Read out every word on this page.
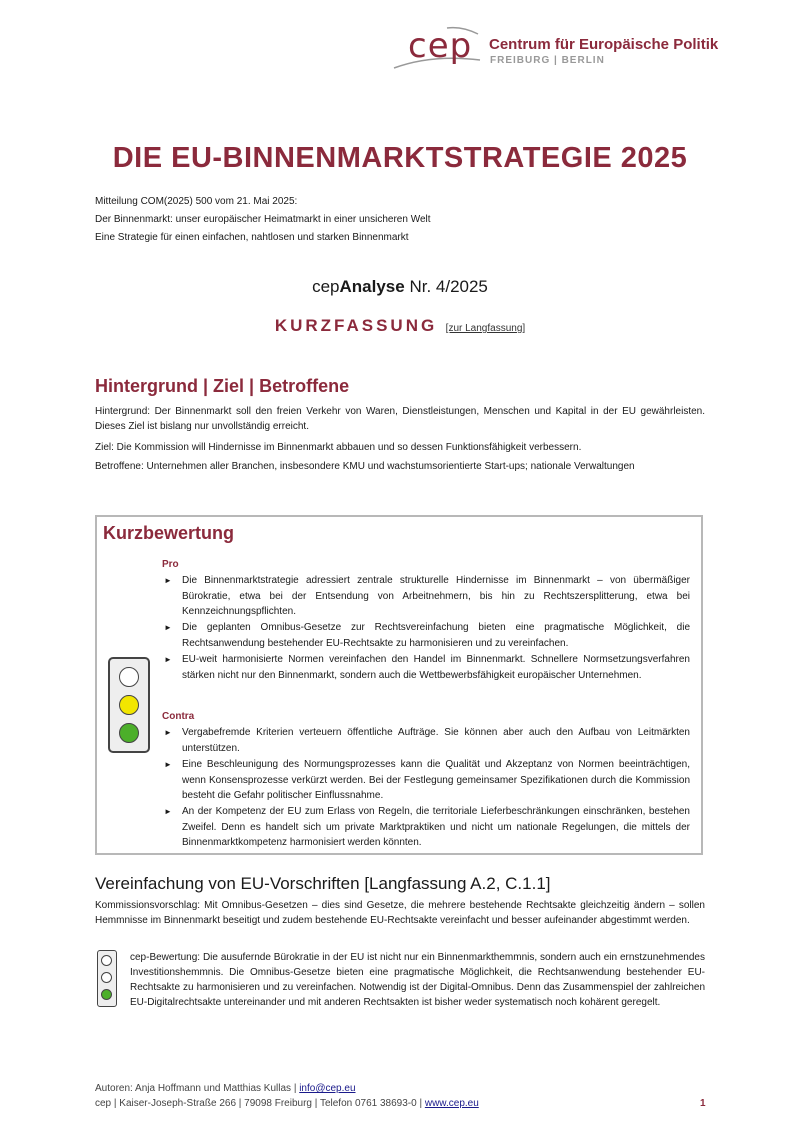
cep Centrum für Europäische Politik
FREIBURG | BERLIN
DIE EU-BINNENMARKTSTRATEGIE 2025
Mitteilung COM(2025) 500 vom 21. Mai 2025:
Der Binnenmarkt: unser europäischer Heimatmarkt in einer unsicheren Welt
Eine Strategie für einen einfachen, nahtlosen und starken Binnenmarkt
cepAnalyse Nr. 4/2025
KURZFASSUNG [zur Langfassung]
Hintergrund | Ziel | Betroffene
Hintergrund: Der Binnenmarkt soll den freien Verkehr von Waren, Dienstleistungen, Menschen und Kapital in der EU gewährleisten. Dieses Ziel ist bislang nur unvollständig erreicht.
Ziel: Die Kommission will Hindernisse im Binnenmarkt abbauen und so dessen Funktionsfähigkeit verbessern.
Betroffene: Unternehmen aller Branchen, insbesondere KMU und wachstumsorientierte Start-ups; nationale Verwaltungen
Kurzbewertung
Pro
► Die Binnenmarktstrategie adressiert zentrale strukturelle Hindernisse im Binnenmarkt – von übermäßiger Bürokratie, etwa bei der Entsendung von Arbeitnehmern, bis hin zu Rechtszersplitterung, etwa bei Kennzeichnungspflichten.
► Die geplanten Omnibus-Gesetze zur Rechtsvereinfachung bieten eine pragmatische Möglichkeit, die Rechtsanwendung bestehender EU-Rechtsakte zu harmonisieren und zu vereinfachen.
► EU-weit harmonisierte Normen vereinfachen den Handel im Binnenmarkt. Schnellere Normsetzungsverfahren stärken nicht nur den Binnenmarkt, sondern auch die Wettbewerbsfähigkeit europäischer Unternehmen.
Contra
► Vergabefremde Kriterien verteuern öffentliche Aufträge. Sie können aber auch den Aufbau von Leitmärkten unterstützen.
► Eine Beschleunigung des Normungsprozesses kann die Qualität und Akzeptanz von Normen beeinträchtigen, wenn Konsensprozesse verkürzt werden. Bei der Festlegung gemeinsamer Spezifikationen durch die Kommission besteht die Gefahr politischer Einflussnahme.
► An der Kompetenz der EU zum Erlass von Regeln, die territoriale Lieferbeschränkungen einschränken, bestehen Zweifel. Denn es handelt sich um private Marktpraktiken und nicht um nationale Regelungen, die mittels der Binnenmarktkompetenz harmonisiert werden könnten.
Vereinfachung von EU-Vorschriften [Langfassung A.2, C.1.1]
Kommissionsvorschlag: Mit Omnibus-Gesetzen – dies sind Gesetze, die mehrere bestehende Rechtsakte gleichzeitig ändern – sollen Hemmnisse im Binnenmarkt beseitigt und zudem bestehende EU-Rechtsakte vereinfacht und besser aufeinander abgestimmt werden.
cep-Bewertung: Die ausufernde Bürokratie in der EU ist nicht nur ein Binnenmarkthemmnis, sondern auch ein ernstzunehmendes Investitionshemmnis. Die Omnibus-Gesetze bieten eine pragmatische Möglichkeit, die Rechtsanwendung bestehender EU-Rechtsakte zu harmonisieren und zu vereinfachen. Notwendig ist der Digital-Omnibus. Denn das Zusammenspiel der zahlreichen EU-Digitalrechtsakte untereinander und mit anderen Rechtsakten ist bisher weder systematisch noch kohärent geregelt.
Autoren: Anja Hoffmann und Matthias Kullas | info@cep.eu
cep | Kaiser-Joseph-Straße 266 | 79098 Freiburg | Telefon 0761 38693-0 | www.cep.eu	1
